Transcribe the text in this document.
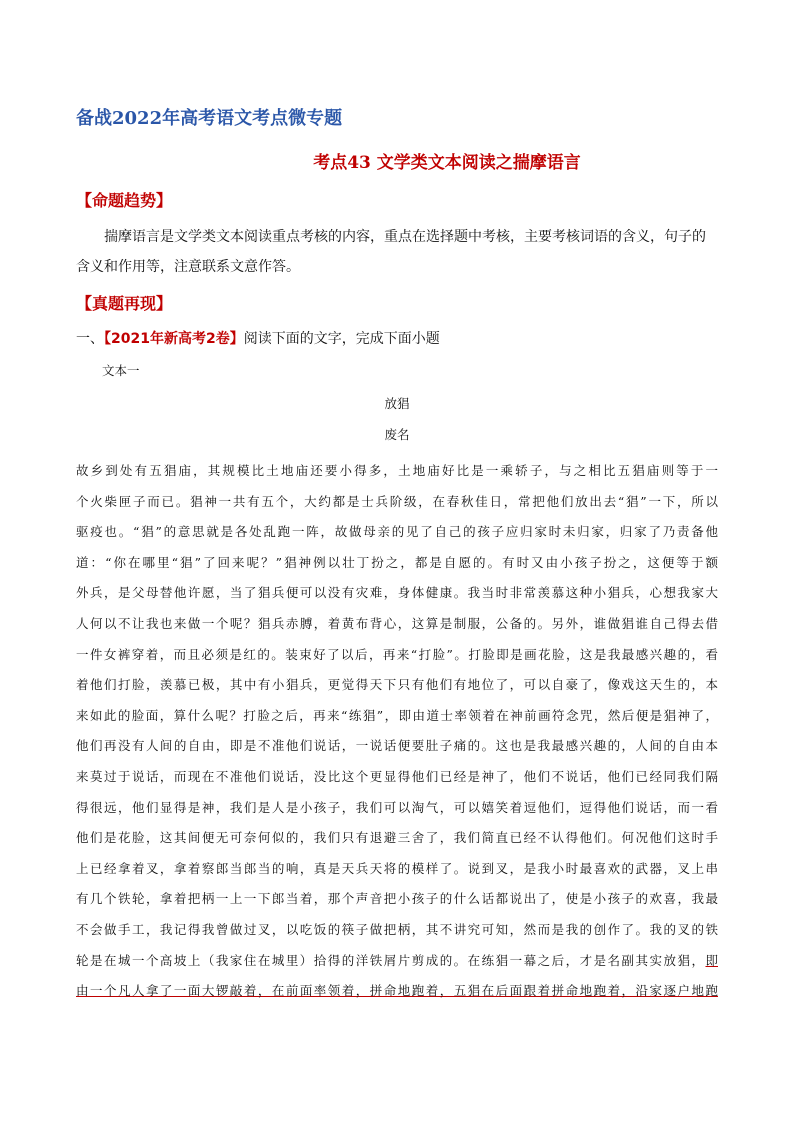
备战2022年高考语文考点微专题
考点43 文学类文本阅读之揣摩语言
【命题趋势】

揣摩语言是文学类文本阅读重点考核的内容，重点在选择题中考核，主要考核词语的含义，句子的含义和作用等，注意联系文意作答。

【真题再现】
一、【2021年新高考2卷】阅读下面的文字，完成下面小题
文本一
放猖
废名
故乡到处有五猖庙，其规模比土地庙还要小得多，土地庙好比是一乘轿子，与之相比五猖庙则等于一
个火柴匣子而已。猖神一共有五个，大约都是士兵阶级，在春秋佳日，常把他们放出去“猖”一下，所以
驱疫也。“猖”的意思就是各处乱跑一阵，故做母亲的见了自己的孩子应归家时未归家，归家了乃责备他
道：“你在哪里“猖”了回来呢？”猖神例以壮丁扮之，都是自愿的。有时又由小孩子扮之，这便等于额
外兵，是父母替他许愿，当了猖兵便可以没有灾难，身体健康。我当时非常羡慕这种小猖兵，心想我家大
人何以不让我也来做一个呢？猖兵赤膊，着黄布背心，这算是制服，公备的。另外，谁做猖谁自己得去借
一件女裤穿着，而且必须是红的。装束好了以后，再来“打脸”。打脸即是画花脸，这是我最感兴趣的，看
着他们打脸，羡慕已极，其中有小猖兵，更觉得天下只有他们有地位了，可以自豪了，像戏这天生的，本
来如此的脸面，算什么呢？打脸之后，再来“练猖”，即由道士率领着在神前画符念咒，然后便是猖神了，
他们再没有人间的自由，即是不准他们说话，一说话便要肚子痛的。这也是我最感兴趣的，人间的自由本
来莫过于说话，而现在不准他们说话，没比这个更显得他们已经是神了，他们不说话，他们已经同我们隔
得很远，他们显得是神，我们是人是小孩子，我们可以淘气，可以嬉笑着逗他们，逗得他们说话，而一看
他们是花脸，这其间便无可奈何似的，我们只有退避三舍了，我们简直已经不认得他们。何况他们这时手
上已经拿着叉，拿着察郎当郎当的响，真是天兵天将的模样了。说到叉，是我小时最喜欢的武器，叉上串
有几个铁轮，拿着把柄一上一下郎当着，那个声音把小孩子的什么话都说出了，使是小孩子的欢喜，我最
不会做手工，我记得我曾做过叉，以吃饭的筷子做把柄，其不讲究可知，然而是我的创作了。我的叉的铁
轮是在城一个高坡上（我家住在城里）拾得的洋铁屑片剪成的。在练猖一幕之后，才是名副其实放猖，即
由一个凡人拿了一面大锣敲着，在前面率领着，拼命地跑着，五猖在后面跟着拼命地跑着，沿家逐户地跑
